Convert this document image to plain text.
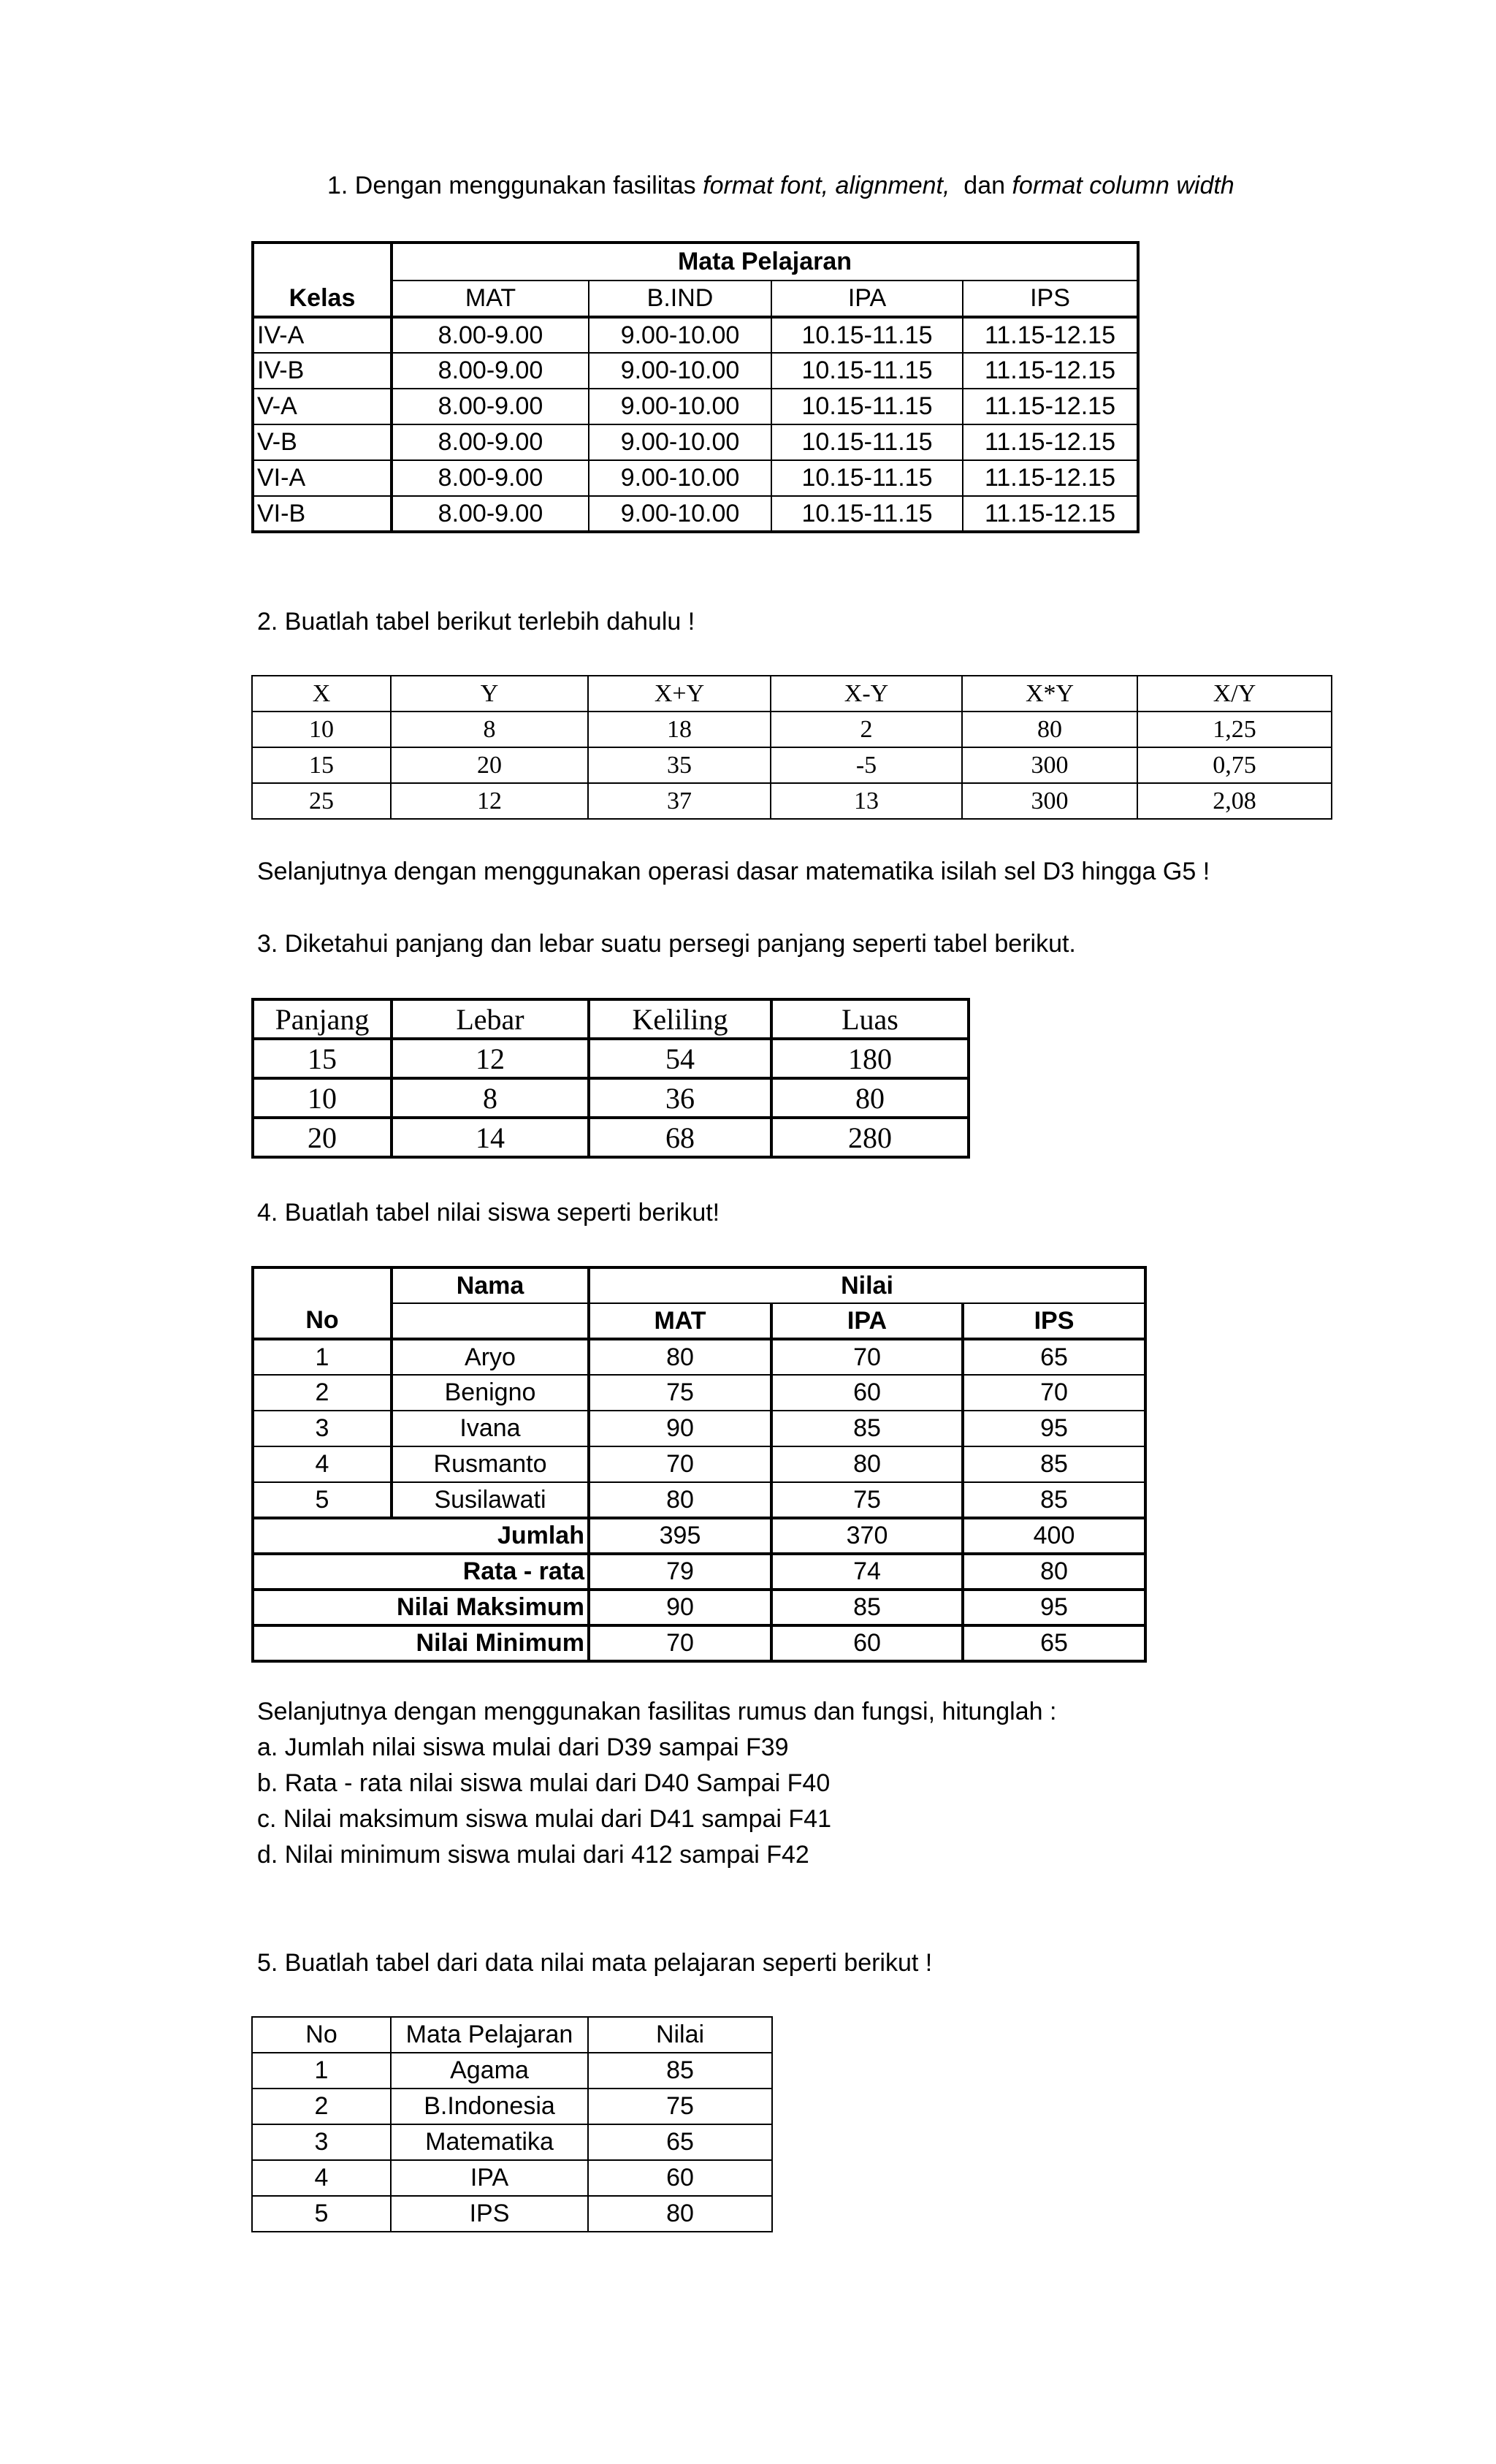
1. Dengan menggunakan fasilitas format font, alignment,  dan format column width
	Mata Pelajaran			
Kelas	MAT	B.IND	IPA	IPS
IV-A	8.00-9.00	9.00-10.00	10.15-11.15	11.15-12.15
IV-B	8.00-9.00	9.00-10.00	10.15-11.15	11.15-12.15
V-A	8.00-9.00	9.00-10.00	10.15-11.15	11.15-12.15
V-B	8.00-9.00	9.00-10.00	10.15-11.15	11.15-12.15
VI-A	8.00-9.00	9.00-10.00	10.15-11.15	11.15-12.15
VI-B	8.00-9.00	9.00-10.00	10.15-11.15	11.15-12.15
2. Buatlah tabel berikut terlebih dahulu !
X	Y	X+Y	X-Y	X*Y	X/Y
10	8	18	2	80	1,25
15	20	35	-5	300	0,75
25	12	37	13	300	2,08
Selanjutnya dengan menggunakan operasi dasar matematika isilah sel D3 hingga G5 !
3. Diketahui panjang dan lebar suatu persegi panjang seperti tabel berikut.
Panjang	Lebar	Keliling	Luas
15	12	54	180
10	8	36	80
20	14	68	280
4. Buatlah tabel nilai siswa seperti berikut!
	Nama	Nilai		
No		MAT	IPA	IPS
1	Aryo	80	70	65
2	Benigno	75	60	70
3	Ivana	90	85	95
4	Rusmanto	70	80	85
5	Susilawati	80	75	85
Jumlah		395	370	400
Rata - rata		79	74	80
Nilai Maksimum		90	85	95
Nilai Minimum		70	60	65
Selanjutnya dengan menggunakan fasilitas rumus dan fungsi, hitunglah :
a. Jumlah nilai siswa mulai dari D39 sampai F39
b. Rata - rata nilai siswa mulai dari D40 Sampai F40
c. Nilai maksimum siswa mulai dari D41 sampai F41
d. Nilai minimum siswa mulai dari 412 sampai F42
5. Buatlah tabel dari data nilai mata pelajaran seperti berikut !
No	Mata Pelajaran	Nilai
1	Agama	85
2	B.Indonesia	75
3	Matematika	65
4	IPA	60
5	IPS	80
